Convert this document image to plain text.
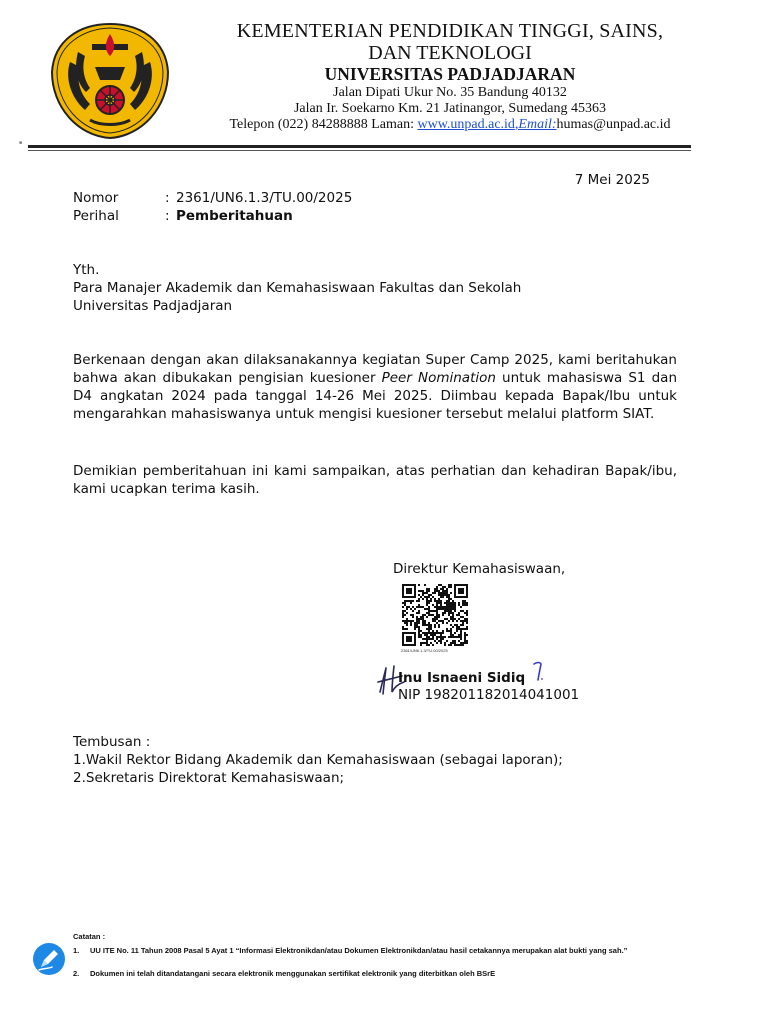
KEMENTERIAN PENDIDIKAN TINGGI, SAINS,
DAN TEKNOLOGI
UNIVERSITAS PADJADJARAN
Jalan Dipati Ukur No. 35 Bandung 40132
Jalan Ir. Soekarno Km. 21 Jatinangor, Sumedang 45363
Telepon (022) 84288888 Laman: www.unpad.ac.id,Email:humas@unpad.ac.id
■
7 Mei 2025
Nomor	: 2361/UN6.1.3/TU.00/2025
Perihal	: Pemberitahuan
Yth.
Para Manajer Akademik dan Kemahasiswaan Fakultas dan Sekolah
Universitas Padjadjaran
Berkenaan dengan akan dilaksanakannya kegiatan Super Camp 2025, kami beritahukan bahwa akan dibukakan pengisian kuesioner Peer Nomination untuk mahasiswa S1 dan D4 angkatan 2024 pada tanggal 14-26 Mei 2025. Diimbau kepada Bapak/Ibu untuk mengarahkan mahasiswanya untuk mengisi kuesioner tersebut melalui platform SIAT.
Demikian pemberitahuan ini kami sampaikan, atas perhatian dan kehadiran Bapak/ibu, kami ucapkan terima kasih.
Direktur Kemahasiswaan,
2361/UN6.1.3/TU.00/2025
Inu Isnaeni Sidiq
NIP 198201182014041001
Tembusan :
1.Wakil Rektor Bidang Akademik dan Kemahasiswaan (sebagai laporan);
2.Sekretaris Direktorat Kemahasiswaan;
Catatan :
1. UU ITE No. 11 Tahun 2008 Pasal 5 Ayat 1 “Informasi Elektronikdan/atau Dokumen Elektronikdan/atau hasil cetakannya merupakan alat bukti yang sah.”
2. Dokumen ini telah ditandatangani secara elektronik menggunakan sertifikat elektronik yang diterbitkan oleh BSrE
